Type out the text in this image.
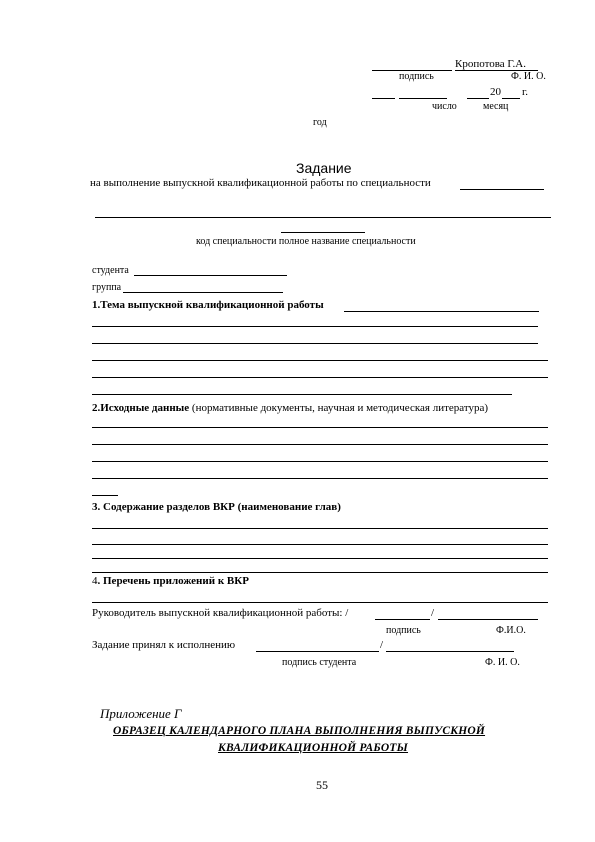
Кропотова Г.А.
подпись	Ф. И. О.
20 г.
число	месяц
год
Задание
на выполнение выпускной квалификационной работы по специальности
код специальности полное название специальности
студента
группа
1.Тема выпускной квалификационной работы
2.Исходные данные (нормативные документы, научная и методическая литература)
3. Содержание разделов ВКР (наименование глав)
4. Перечень приложений к ВКР
Руководитель выпускной квалификационной работы: /	/
подпись	Ф.И.О.
Задание принял к исполнению	/
подпись студента	Ф. И. О.
Приложение Г
ОБРАЗЕЦ КАЛЕНДАРНОГО ПЛАНА ВЫПОЛНЕНИЯ ВЫПУСКНОЙ
КВАЛИФИКАЦИОННОЙ РАБОТЫ
55
